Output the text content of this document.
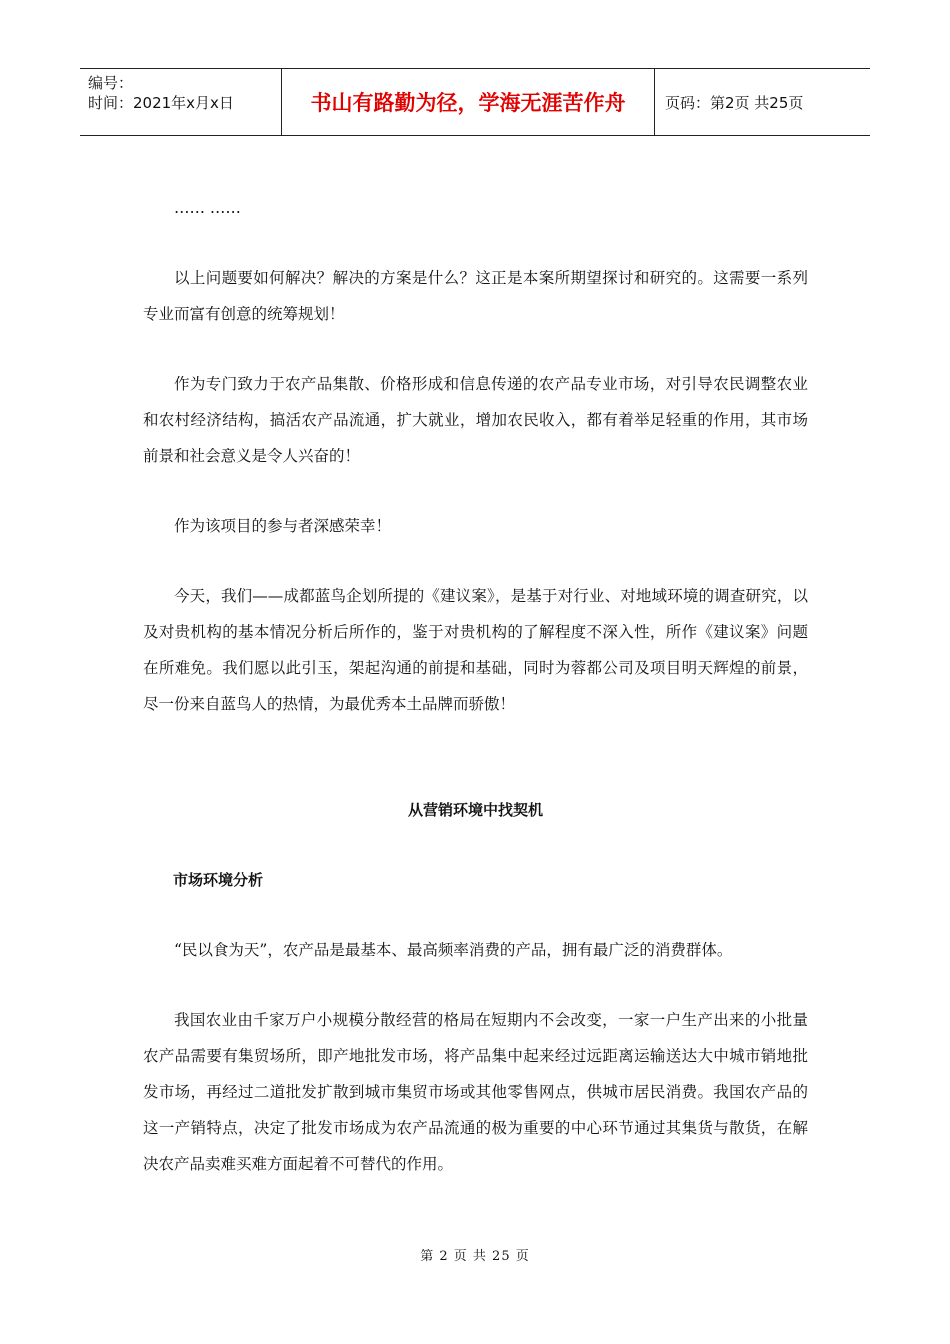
编号：
时间：2021年x月x日	书山有路勤为径，学海无涯苦作舟	页码：第2页 共25页

…… ……

以上问题要如何解决？解决的方案是什么？这正是本案所期望探讨和研究的。这需要一系列专业而富有创意的统筹规划！

作为专门致力于农产品集散、价格形成和信息传递的农产品专业市场，对引导农民调整农业和农村经济结构，搞活农产品流通，扩大就业，增加农民收入，都有着举足轻重的作用，其市场前景和社会意义是令人兴奋的！

作为该项目的参与者深感荣幸！

今天，我们——成都蓝鸟企划所提的《建议案》，是基于对行业、对地域环境的调查研究，以及对贵机构的基本情况分析后所作的，鉴于对贵机构的了解程度不深入性，所作《建议案》问题在所难免。我们愿以此引玉，架起沟通的前提和基础，同时为蓉都公司及项目明天辉煌的前景，尽一份来自蓝鸟人的热情，为最优秀本土品牌而骄傲！

从营销环境中找契机

市场环境分析

“民以食为天”，农产品是最基本、最高频率消费的产品，拥有最广泛的消费群体。

我国农业由千家万户小规模分散经营的格局在短期内不会改变，一家一户生产出来的小批量农产品需要有集贸场所，即产地批发市场，将产品集中起来经过远距离运输送达大中城市销地批发市场，再经过二道批发扩散到城市集贸市场或其他零售网点，供城市居民消费。我国农产品的这一产销特点，决定了批发市场成为农产品流通的极为重要的中心环节通过其集货与散货，在解决农产品卖难买难方面起着不可替代的作用。

第 2 页 共 25 页
